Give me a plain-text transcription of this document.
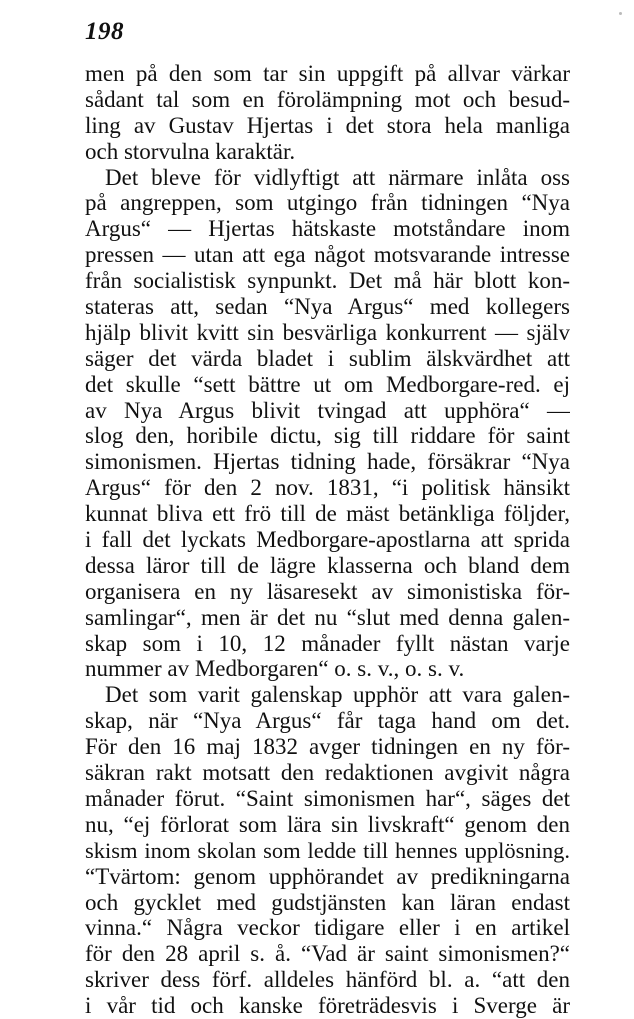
198
men på den som tar sin uppgift på allvar värkar
sådant tal som en förolämpning mot och besud-
ling av Gustav Hjertas i det stora hela manliga
och storvulna karaktär.
Det bleve för vidlyftigt att närmare inlåta oss
på angreppen, som utgingo från tidningen “Nya
Argus“ — Hjertas hätskaste motståndare inom
pressen — utan att ega något motsvarande intresse
från socialistisk synpunkt. Det må här blott kon-
stateras att, sedan “Nya Argus“ med kollegers
hjälp blivit kvitt sin besvärliga konkurrent — själv
säger det värda bladet i sublim älskvärdhet att
det skulle “sett bättre ut om Medborgare-red. ej
av Nya Argus blivit tvingad att upphöra“ —
slog den, horibile dictu, sig till riddare för saint
simonismen. Hjertas tidning hade, försäkrar “Nya
Argus“ för den 2 nov. 1831, “i politisk hänsikt
kunnat bliva ett frö till de mäst betänkliga följder,
i fall det lyckats Medborgare-apostlarna att sprida
dessa läror till de lägre klasserna och bland dem
organisera en ny läsaresekt av simonistiska för-
samlingar“, men är det nu “slut med denna galen-
skap som i 10, 12 månader fyllt nästan varje
nummer av Medborgaren“ o. s. v., o. s. v.
Det som varit galenskap upphör att vara galen-
skap, när “Nya Argus“ får taga hand om det.
För den 16 maj 1832 avger tidningen en ny för-
säkran rakt motsatt den redaktionen avgivit några
månader förut. “Saint simonismen har“, säges det
nu, “ej förlorat som lära sin livskraft“ genom den
skism inom skolan som ledde till hennes upplösning.
“Tvärtom: genom upphörandet av predikningarna
och gycklet med gudstjänsten kan läran endast
vinna.“ Några veckor tidigare eller i en artikel
för den 28 april s. å. “Vad är saint simonismen?“
skriver dess förf. alldeles hänförd bl. a. “att den
i vår tid och kanske företrädesvis i Sverge är
